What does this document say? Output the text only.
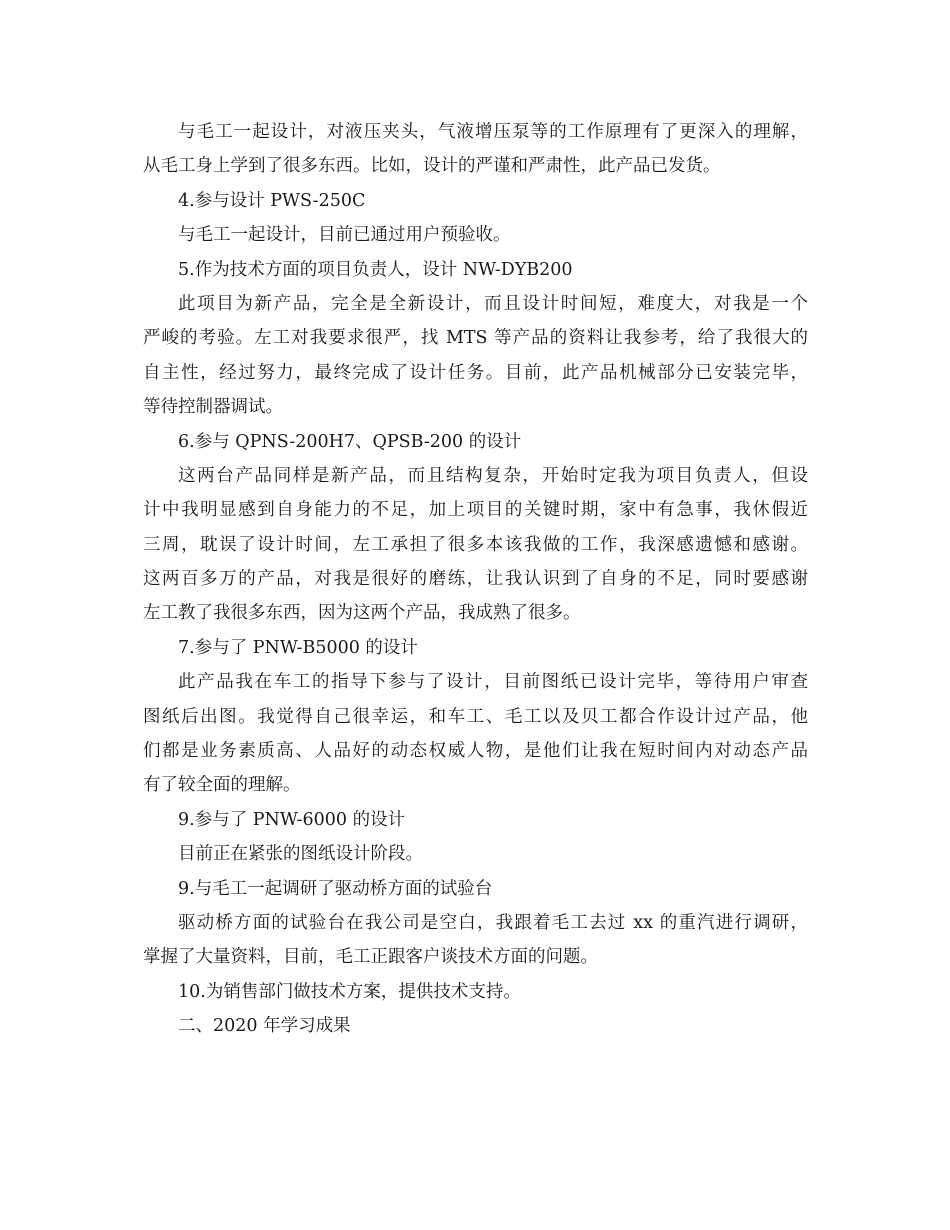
与毛工一起设计，对液压夹头，气液增压泵等的工作原理有了更深入的理解，
从毛工身上学到了很多东西。比如，设计的严谨和严肃性，此产品已发货。
4.参与设计 PWS-250C
与毛工一起设计，目前已通过用户预验收。
5.作为技术方面的项目负责人，设计 NW-DYB200
此项目为新产品，完全是全新设计，而且设计时间短，难度大，对我是一个
严峻的考验。左工对我要求很严，找 MTS 等产品的资料让我参考，给了我很大的
自主性，经过努力，最终完成了设计任务。目前，此产品机械部分已安装完毕，
等待控制器调试。
6.参与 QPNS-200H7、QPSB-200 的设计
这两台产品同样是新产品，而且结构复杂，开始时定我为项目负责人，但设
计中我明显感到自身能力的不足，加上项目的关键时期，家中有急事，我休假近
三周，耽误了设计时间，左工承担了很多本该我做的工作，我深感遗憾和感谢。
这两百多万的产品，对我是很好的磨练，让我认识到了自身的不足，同时要感谢
左工教了我很多东西，因为这两个产品，我成熟了很多。
7.参与了 PNW-B5000 的设计
此产品我在车工的指导下参与了设计，目前图纸已设计完毕，等待用户审查
图纸后出图。我觉得自己很幸运，和车工、毛工以及贝工都合作设计过产品，他
们都是业务素质高、人品好的动态权威人物，是他们让我在短时间内对动态产品
有了较全面的理解。
9.参与了 PNW-6000 的设计
目前正在紧张的图纸设计阶段。
9.与毛工一起调研了驱动桥方面的试验台
驱动桥方面的试验台在我公司是空白，我跟着毛工去过 xx 的重汽进行调研，
掌握了大量资料，目前，毛工正跟客户谈技术方面的问题。
10.为销售部门做技术方案，提供技术支持。
二、2020 年学习成果
